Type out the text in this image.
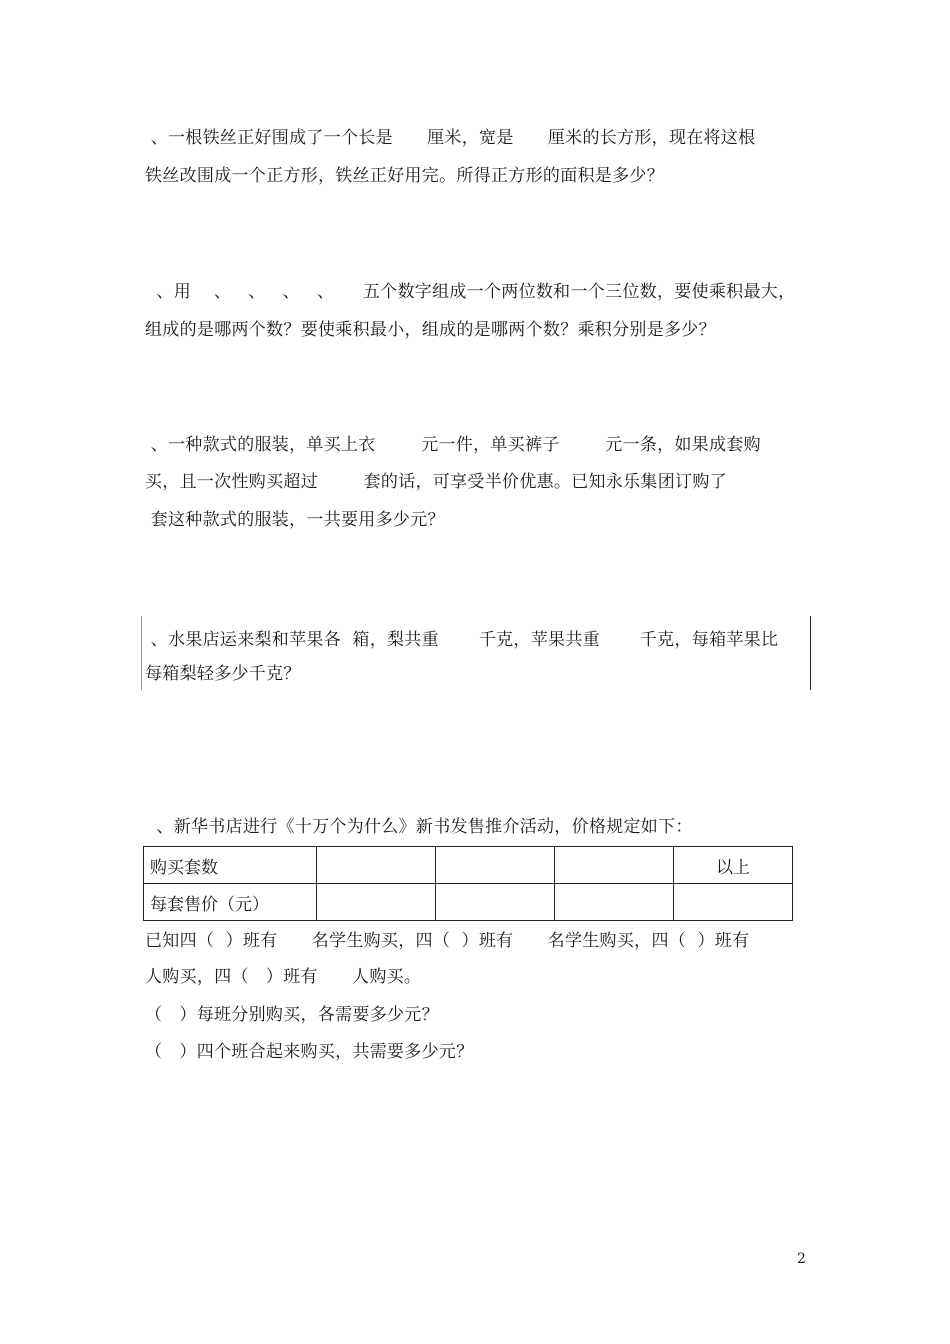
、一根铁丝正好围成了一个长是      厘米，宽是      厘米的长方形，现在将这根
铁丝改围成一个正方形，铁丝正好用完。所得正方形的面积是多少？
、用    、   、   、   、     五个数字组成一个两位数和一个三位数，要使乘积最大，
组成的是哪两个数？要使乘积最小，组成的是哪两个数？乘积分别是多少？
、一种款式的服装，单买上衣        元一件，单买裤子        元一条，如果成套购
买，且一次性购买超过        套的话，可享受半价优惠。已知永乐集团订购了
套这种款式的服装，一共要用多少元？
、水果店运来梨和苹果各  箱，梨共重       千克，苹果共重       千克，每箱苹果比
每箱梨轻多少千克？
、新华书店进行《十万个为什么》新书发售推介活动，价格规定如下：
购买套数				以上
每套售价（元）				
已知四（  ）班有      名学生购买，四（  ）班有      名学生购买，四（  ）班有
人购买，四（   ）班有      人购买。
（   ）每班分别购买，各需要多少元？
（   ）四个班合起来购买，共需要多少元？
2
